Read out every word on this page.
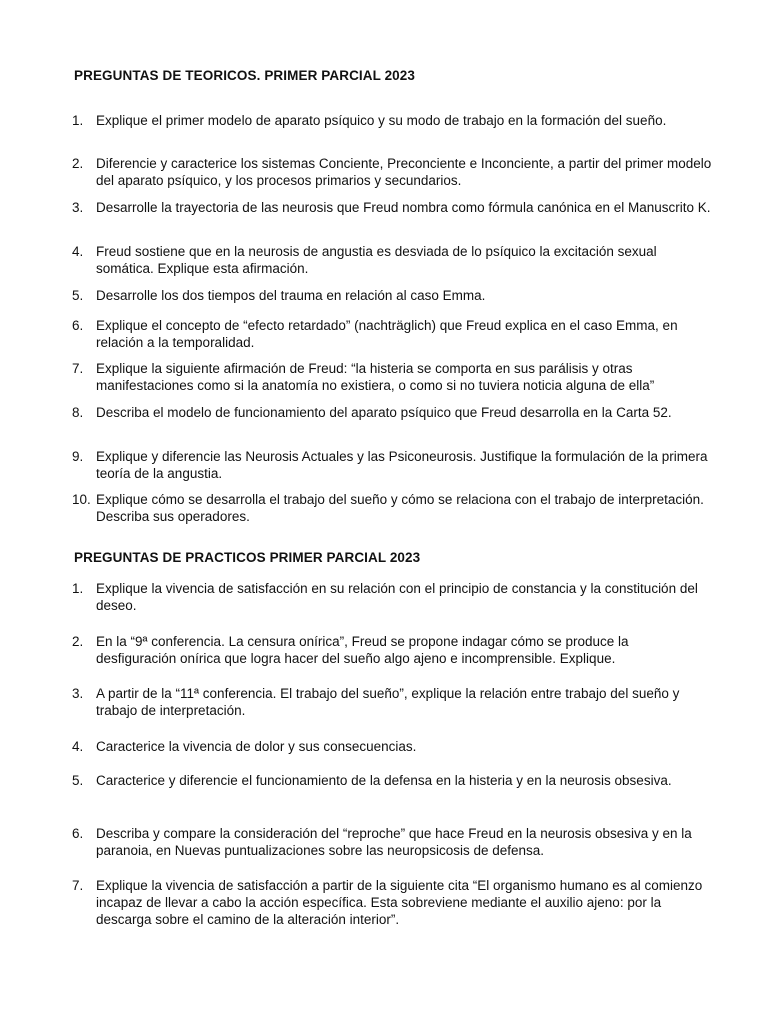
PREGUNTAS DE TEORICOS. PRIMER PARCIAL 2023
1. Explique el primer modelo de aparato psíquico y su modo de trabajo en la formación del sueño.
2. Diferencie y caracterice los sistemas Conciente, Preconciente e Inconciente, a partir del primer modelo del aparato psíquico, y los procesos primarios y secundarios.
3. Desarrolle la trayectoria de las neurosis que Freud nombra como fórmula canónica en el Manuscrito K.
4. Freud sostiene que en la neurosis de angustia es desviada de lo psíquico la excitación sexual somática. Explique esta afirmación.
5. Desarrolle los dos tiempos del trauma en relación al caso Emma.
6. Explique el concepto de “efecto retardado” (nachträglich) que Freud explica en el caso Emma, en relación a la temporalidad.
7. Explique la siguiente afirmación de Freud: “la histeria se comporta en sus parálisis y otras manifestaciones como si la anatomía no existiera, o como si no tuviera noticia alguna de ella”
8. Describa el modelo de funcionamiento del aparato psíquico que Freud desarrolla en la Carta 52.
9. Explique y diferencie las Neurosis Actuales y las Psiconeurosis. Justifique la formulación de la primera teoría de la angustia.
10. Explique cómo se desarrolla el trabajo del sueño y cómo se relaciona con el trabajo de interpretación. Describa sus operadores.
PREGUNTAS DE PRACTICOS PRIMER PARCIAL 2023
1. Explique la vivencia de satisfacción en su relación con el principio de constancia y la constitución del deseo.
2. En la “9ª conferencia. La censura onírica”, Freud se propone indagar cómo se produce la desfiguración onírica que logra hacer del sueño algo ajeno e incomprensible. Explique.
3. A partir de la “11ª conferencia. El trabajo del sueño”, explique la relación entre trabajo del sueño y trabajo de interpretación.
4. Caracterice la vivencia de dolor y sus consecuencias.
5. Caracterice y diferencie el funcionamiento de la defensa en la histeria y en la neurosis obsesiva.
6. Describa y compare la consideración del “reproche” que hace Freud en la neurosis obsesiva y en la paranoia, en Nuevas puntualizaciones sobre las neuropsicosis de defensa.
7. Explique la vivencia de satisfacción a partir de la siguiente cita “El organismo humano es al comienzo incapaz de llevar a cabo la acción específica. Esta sobreviene mediante el auxilio ajeno: por la descarga sobre el camino de la alteración interior”.
